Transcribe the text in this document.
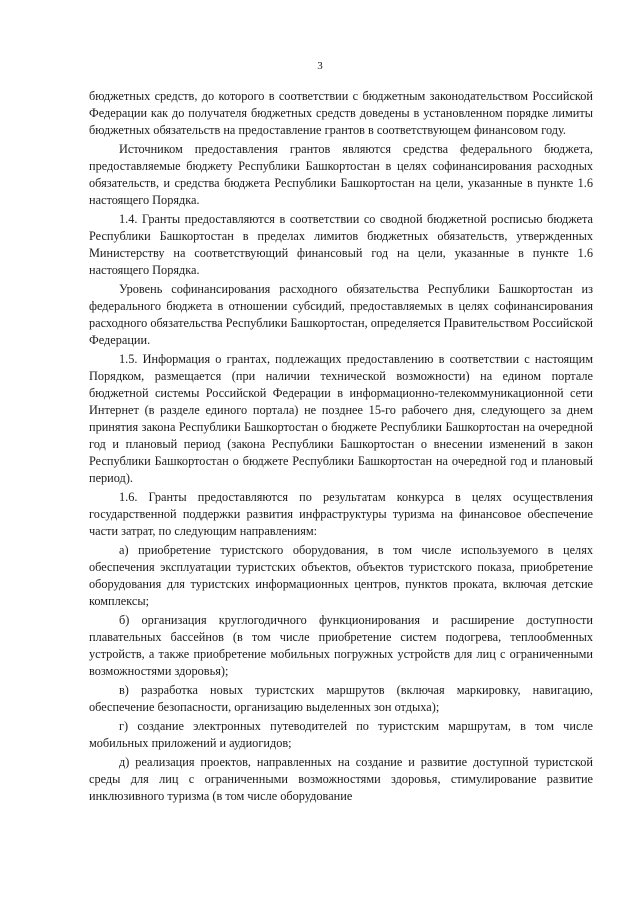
3

бюджетных средств, до которого в соответствии с бюджетным законодательством Российской Федерации как до получателя бюджетных средств доведены в установленном порядке лимиты бюджетных обязательств на предоставление грантов в соответствующем финансовом году.

Источником предоставления грантов являются средства федерального бюджета, предоставляемые бюджету Республики Башкортостан в целях софинансирования расходных обязательств, и средства бюджета Республики Башкортостан на цели, указанные в пункте 1.6 настоящего Порядка.

1.4. Гранты предоставляются в соответствии со сводной бюджетной росписью бюджета Республики Башкортостан в пределах лимитов бюджетных обязательств, утвержденных Министерству на соответствующий финансовый год на цели, указанные в пункте 1.6 настоящего Порядка.

Уровень софинансирования расходного обязательства Республики Башкортостан из федерального бюджета в отношении субсидий, предоставляемых в целях софинансирования расходного обязательства Республики Башкортостан, определяется Правительством Российской Федерации.

1.5. Информация о грантах, подлежащих предоставлению в соответствии с настоящим Порядком, размещается (при наличии технической возможности) на едином портале бюджетной системы Российской Федерации в информационно-телекоммуникационной сети Интернет (в разделе единого портала) не позднее 15-го рабочего дня, следующего за днем принятия закона Республики Башкортостан о бюджете Республики Башкортостан на очередной год и плановый период (закона Республики Башкортостан о внесении изменений в закон Республики Башкортостан о бюджете Республики Башкортостан на очередной год и плановый период).

1.6. Гранты предоставляются по результатам конкурса в целях осуществления государственной поддержки развития инфраструктуры туризма на финансовое обеспечение части затрат, по следующим направлениям:

а) приобретение туристского оборудования, в том числе используемого в целях обеспечения эксплуатации туристских объектов, объектов туристского показа, приобретение оборудования для туристских информационных центров, пунктов проката, включая детские комплексы;

б) организация круглогодичного функционирования и расширение доступности плавательных бассейнов (в том числе приобретение систем подогрева, теплообменных устройств, а также приобретение мобильных погружных устройств для лиц с ограниченными возможностями здоровья);

в) разработка новых туристских маршрутов (включая маркировку, навигацию, обеспечение безопасности, организацию выделенных зон отдыха);

г) создание электронных путеводителей по туристским маршрутам, в том числе мобильных приложений и аудиогидов;

д) реализация проектов, направленных на создание и развитие доступной туристской среды для лиц с ограниченными возможностями здоровья, стимулирование развитие инклюзивного туризма (в том числе оборудование
